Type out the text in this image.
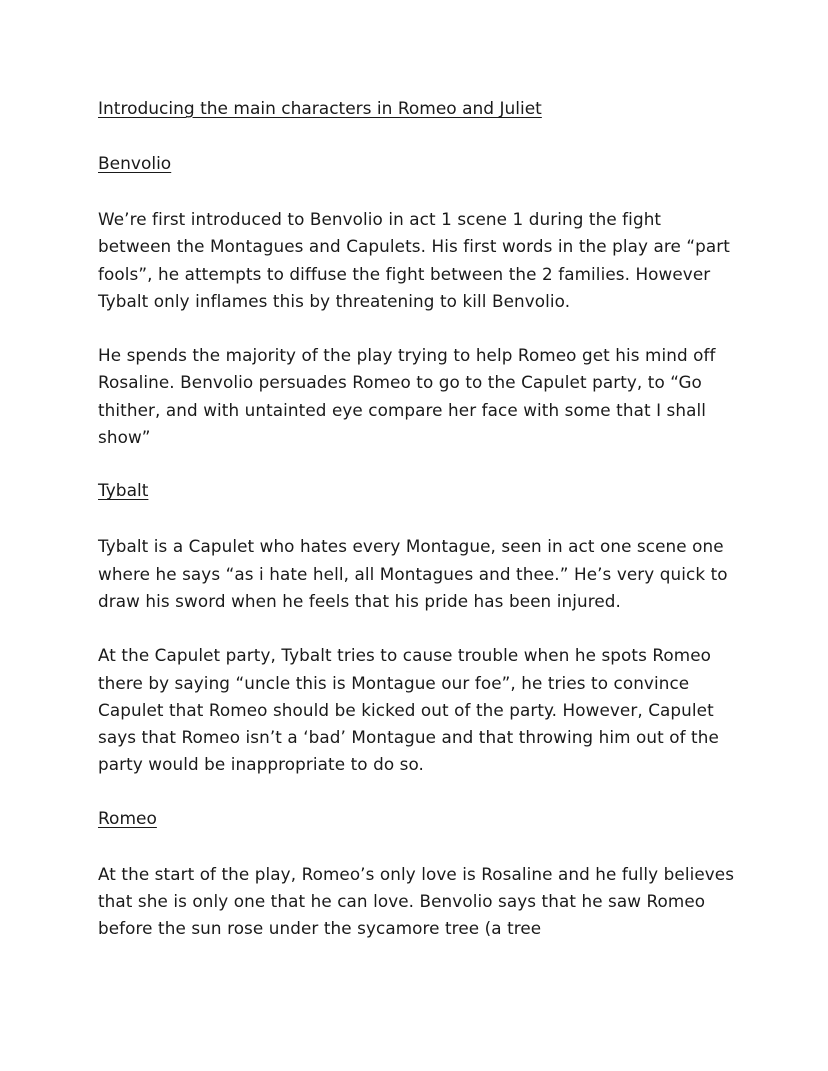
Introducing the main characters in Romeo and Juliet
Benvolio

We’re first introduced to Benvolio in act 1 scene 1 during the fight between the Montagues and Capulets. His first words in the play are “part fools”, he attempts to diffuse the fight between the 2 families. However Tybalt only inflames this by threatening to kill Benvolio.

He spends the majority of the play trying to help Romeo get his mind off Rosaline. Benvolio persuades Romeo to go to the Capulet party, to “Go thither, and with untainted eye compare her face with some that I shall show”

Tybalt

Tybalt is a Capulet who hates every Montague, seen in act one scene one where he says “as i hate hell, all Montagues and thee.” He’s very quick to draw his sword when he feels that his pride has been injured.

At the Capulet party, Tybalt tries to cause trouble when he spots Romeo there by saying “uncle this is Montague our foe”, he tries to convince Capulet that Romeo should be kicked out of the party. However, Capulet says that Romeo isn’t a ‘bad’ Montague and that throwing him out of the party would be inappropriate to do so.

Romeo

At the start of the play, Romeo’s only love is Rosaline and he fully believes that she is only one that he can love. Benvolio says that he saw Romeo before the sun rose under the sycamore tree (a tree
